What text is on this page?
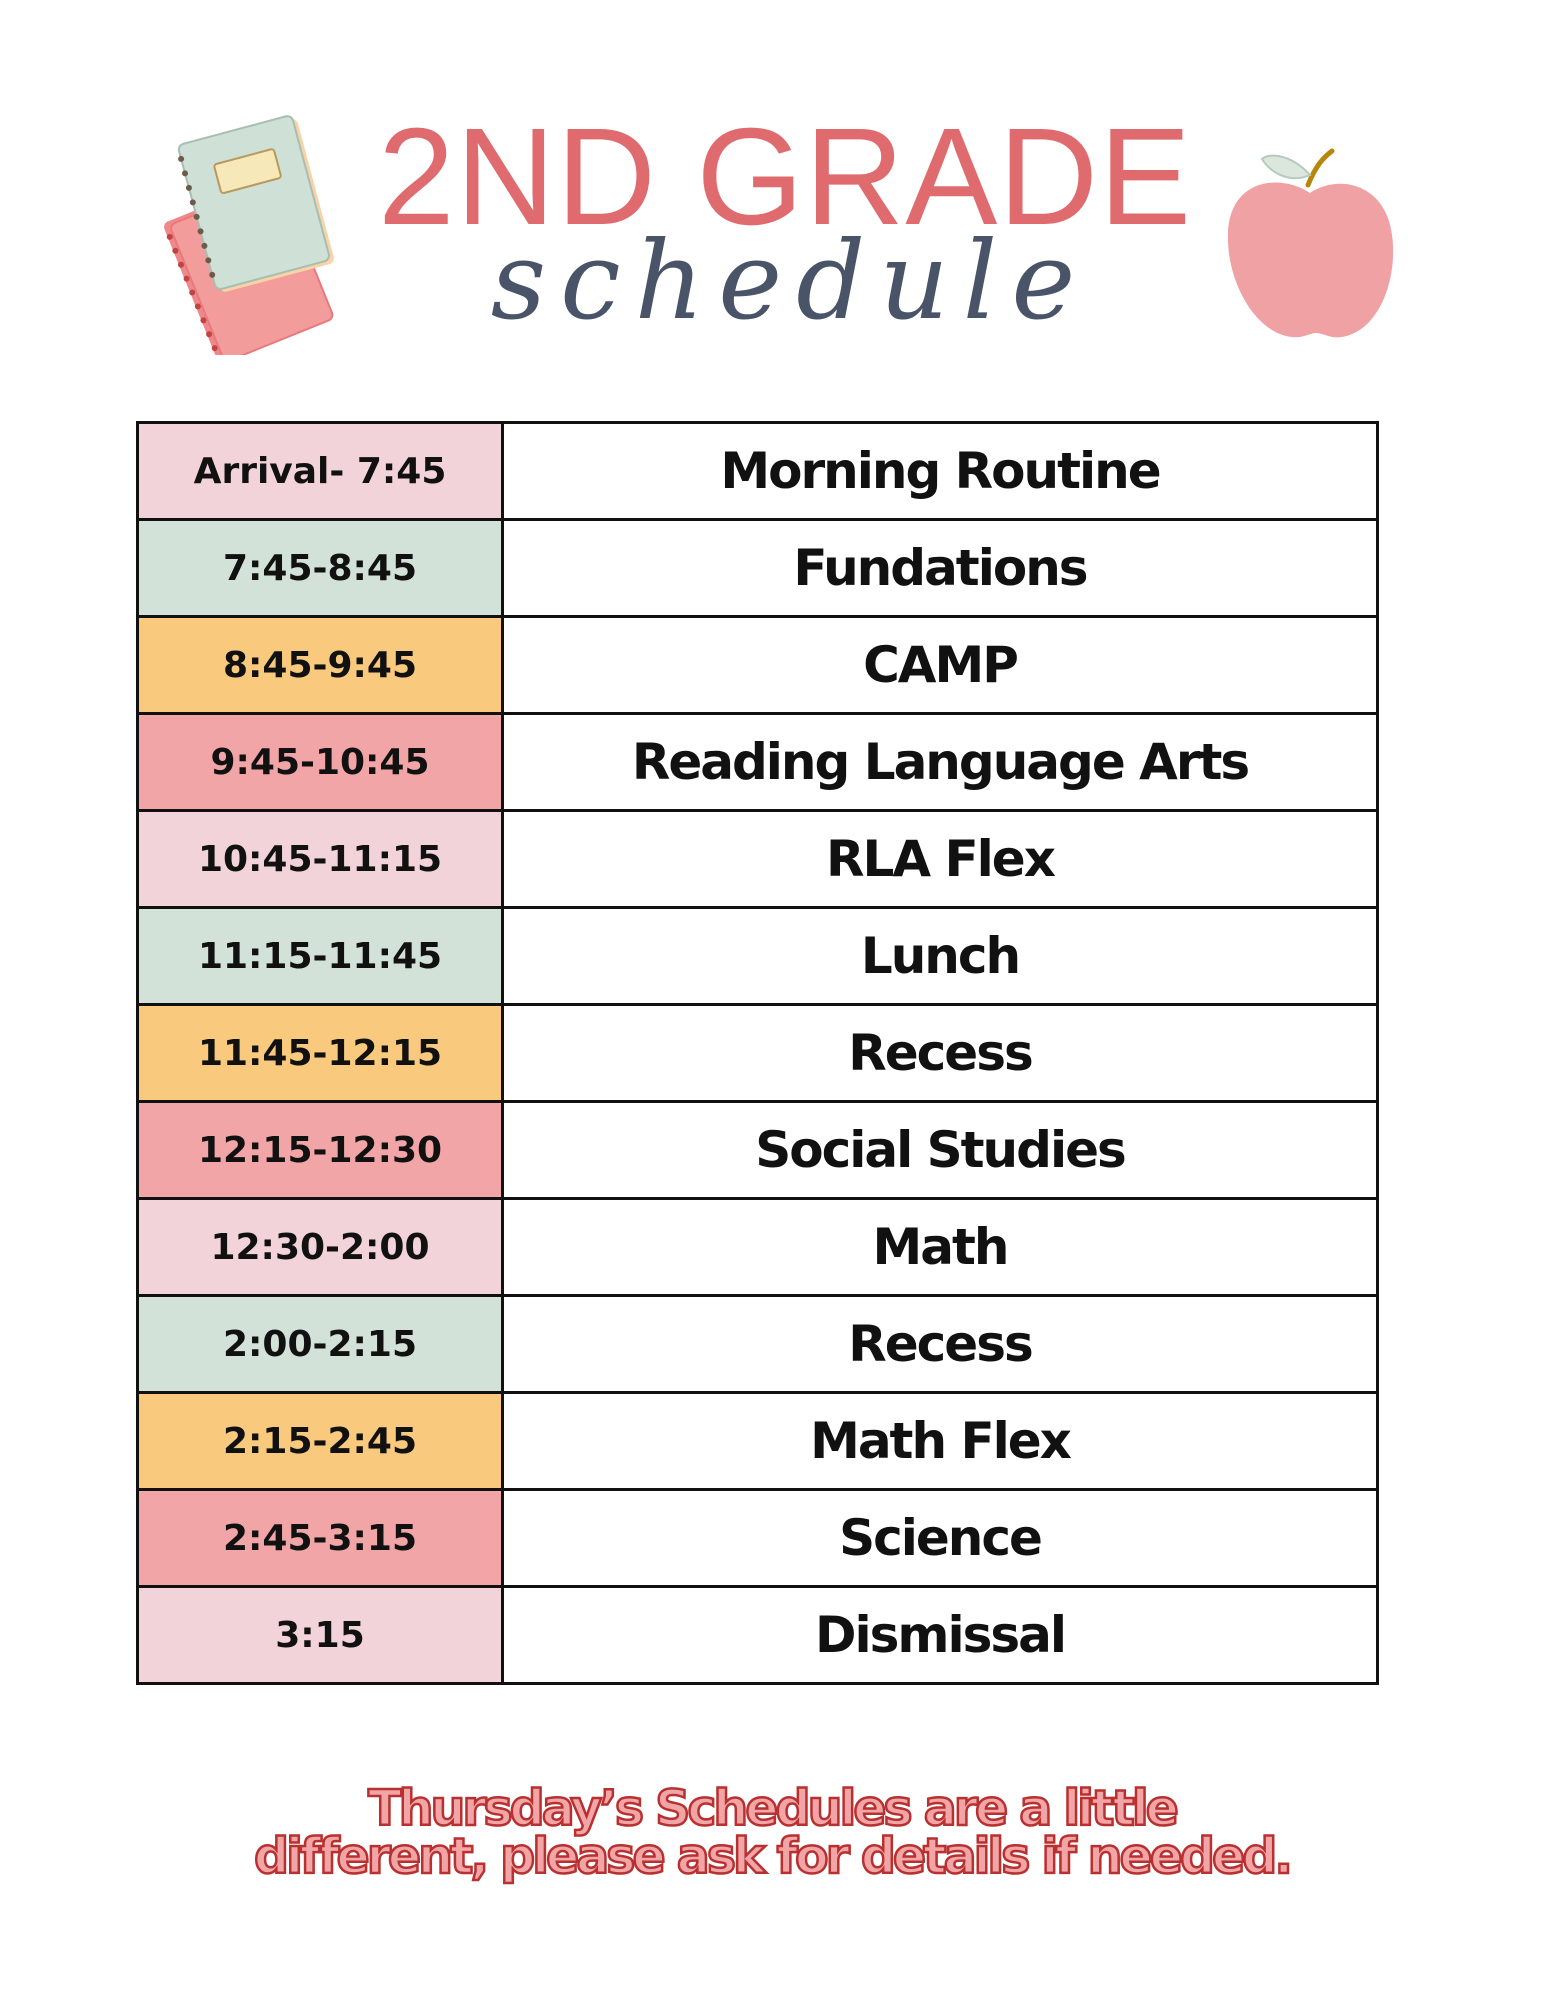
2ND GRADE
schedule
Arrival- 7:45	Morning Routine
7:45-8:45	Fundations
8:45-9:45	CAMP
9:45-10:45	Reading Language Arts
10:45-11:15	RLA Flex
11:15-11:45	Lunch
11:45-12:15	Recess
12:15-12:30	Social Studies
12:30-2:00	Math
2:00-2:15	Recess
2:15-2:45	Math Flex
2:45-3:15	Science
3:15	Dismissal
Thursday’s Schedules are a little
different, please ask for details if needed.
